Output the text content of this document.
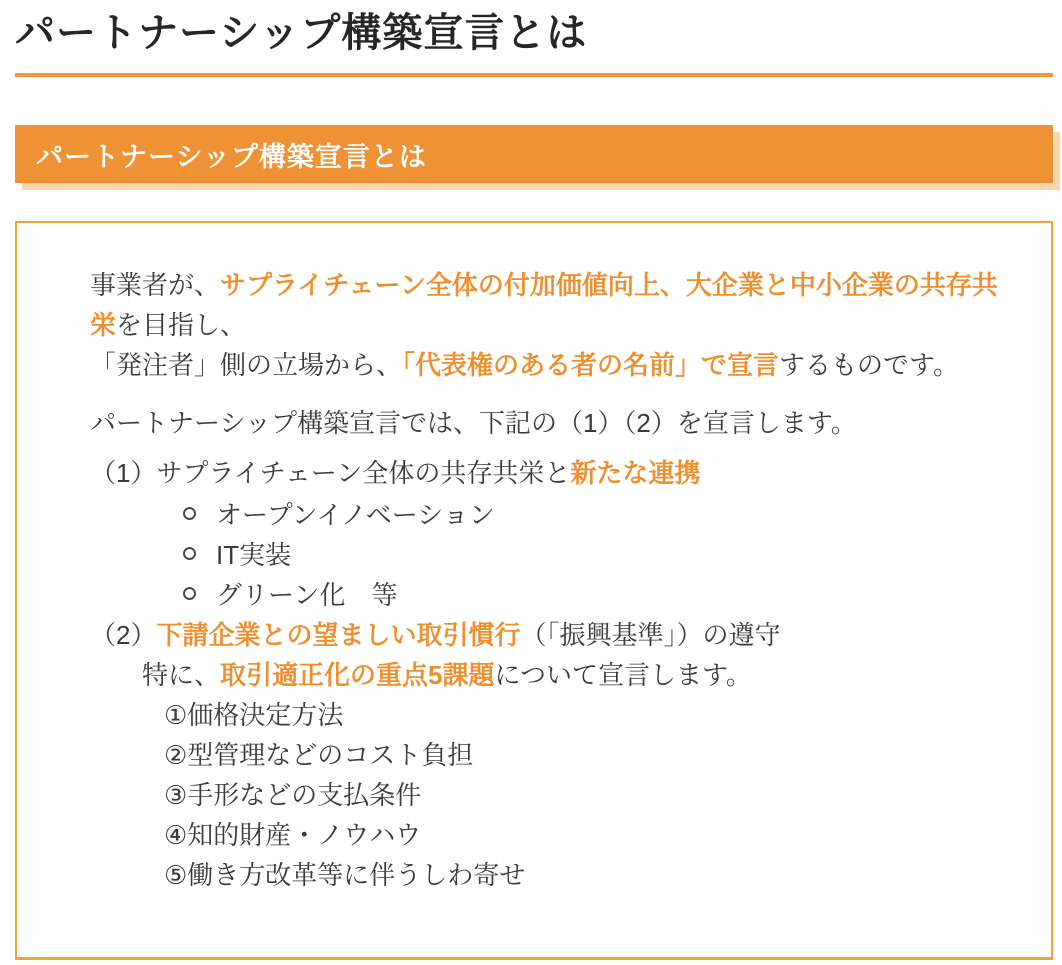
パートナーシップ構築宣言とは
パートナーシップ構築宣言とは

事業者が、サプライチェーン全体の付加価値向上、大企業と中小企業の共存共栄を目指し、
「発注者」側の立場から、「代表権のある者の名前」で宣言するものです。

パートナーシップ構築宣言では、下記の（1）（2）を宣言します。

（1）サプライチェーン全体の共存共栄と新たな連携

オープンイノベーション
IT実装
グリーン化　等

（2）下請企業との望ましい取引慣行（「振興基準」）の遵守

特に、取引適正化の重点5課題について宣言します。

①価格決定方法

②型管理などのコスト負担

③手形などの支払条件

④知的財産・ノウハウ

⑤働き方改革等に伴うしわ寄せ
